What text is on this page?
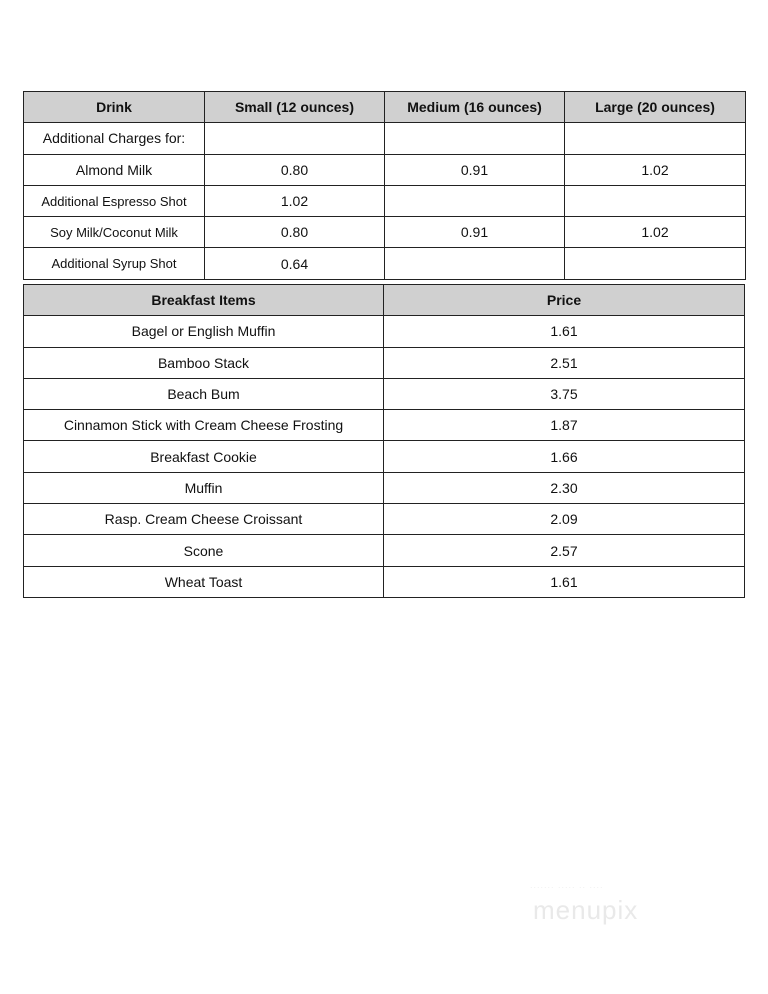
Drink	Small (12 ounces)	Medium (16 ounces)	Large (20 ounces)
Additional Charges for:			
Almond Milk	0.80	0.91	1.02
Additional Espresso Shot	1.02		
Soy Milk/Coconut Milk	0.80	0.91	1.02
Additional Syrup Shot	0.64		
Breakfast Items	Price
Bagel or English Muffin	1.61
Bamboo Stack	2.51
Beach Bum	3.75
Cinnamon Stick with Cream Cheese Frosting	1.87
Breakfast Cookie	1.66
Muffin	2.30
Rasp. Cream Cheese Croissant	2.09
Scone	2.57
Wheat Toast	1.61
....... ..... .. ....
menupix
